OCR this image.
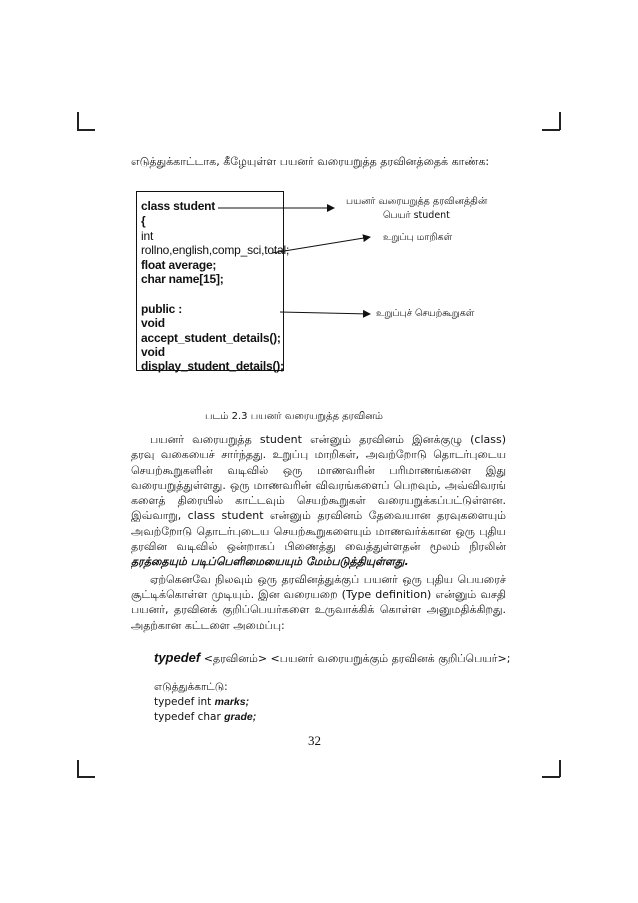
எடுத்துக்காட்டாக, கீழேயுள்ள பயனர் வரையறுத்த தரவினத்தைக் காண்க:
class student
{
int
rollno,english,comp_sci,total;
float average;
char name[15];
public :
void
accept_student_details();
void
display_student_details();
பயனர் வரையறுத்த தரவினத்தின்
பெயர் student
உறுப்பு மாறிகள்
உறுப்புச் செயற்கூறுகள்
படம் 2.3 பயனர் வரையறுத்த தரவினம்
பயனர் வரையறுத்த student என்னும் தரவினம் இனக்குழு (class)
தரவு வகையைச் சார்ந்தது. உறுப்பு மாறிகள், அவற்றோடு தொடர்புடைய
செயற்கூறுகளின் வடிவில் ஒரு மாணவரின் பரிமாணங்களை இது
வரையறுத்துள்ளது. ஒரு மாணவரின் விவரங்களைப் பெறவும், அவ்விவரங்
களைத் திரையில் காட்டவும் செயற்கூறுகள் வரையறுக்கப்பட்டுள்ளன.
இவ்வாறு, class student என்னும் தரவினம் தேவையான தரவுகளையும்
அவற்றோடு தொடர்புடைய செயற்கூறுகளையும் மாணவர்க்கான ஒரு புதிய
தரவின வடிவில் ஒன்றாகப் பிணைத்து வைத்துள்ளதன் மூலம் நிரலின்
தரத்தையும் படிப்பெளிமையையும் மேம்படுத்தியுள்ளது.
ஏற்கெனவே நிலவும் ஒரு தரவினத்துக்குப் பயனர் ஒரு புதிய பெயரைச்
சூட்டிக்கொள்ள முடியும். இன வரையறை (Type definition) என்னும் வசதி
பயனர், தரவினக் குறிப்பெயர்களை உருவாக்கிக் கொள்ள அனுமதிக்கிறது.
அதற்கான கட்டளை அமைப்பு:
typedef <தரவினம்> <பயனர் வரையறுக்கும் தரவினக் குறிப்பெயர்>;
எடுத்துக்காட்டு:
typedef int marks;
typedef char grade;
32
